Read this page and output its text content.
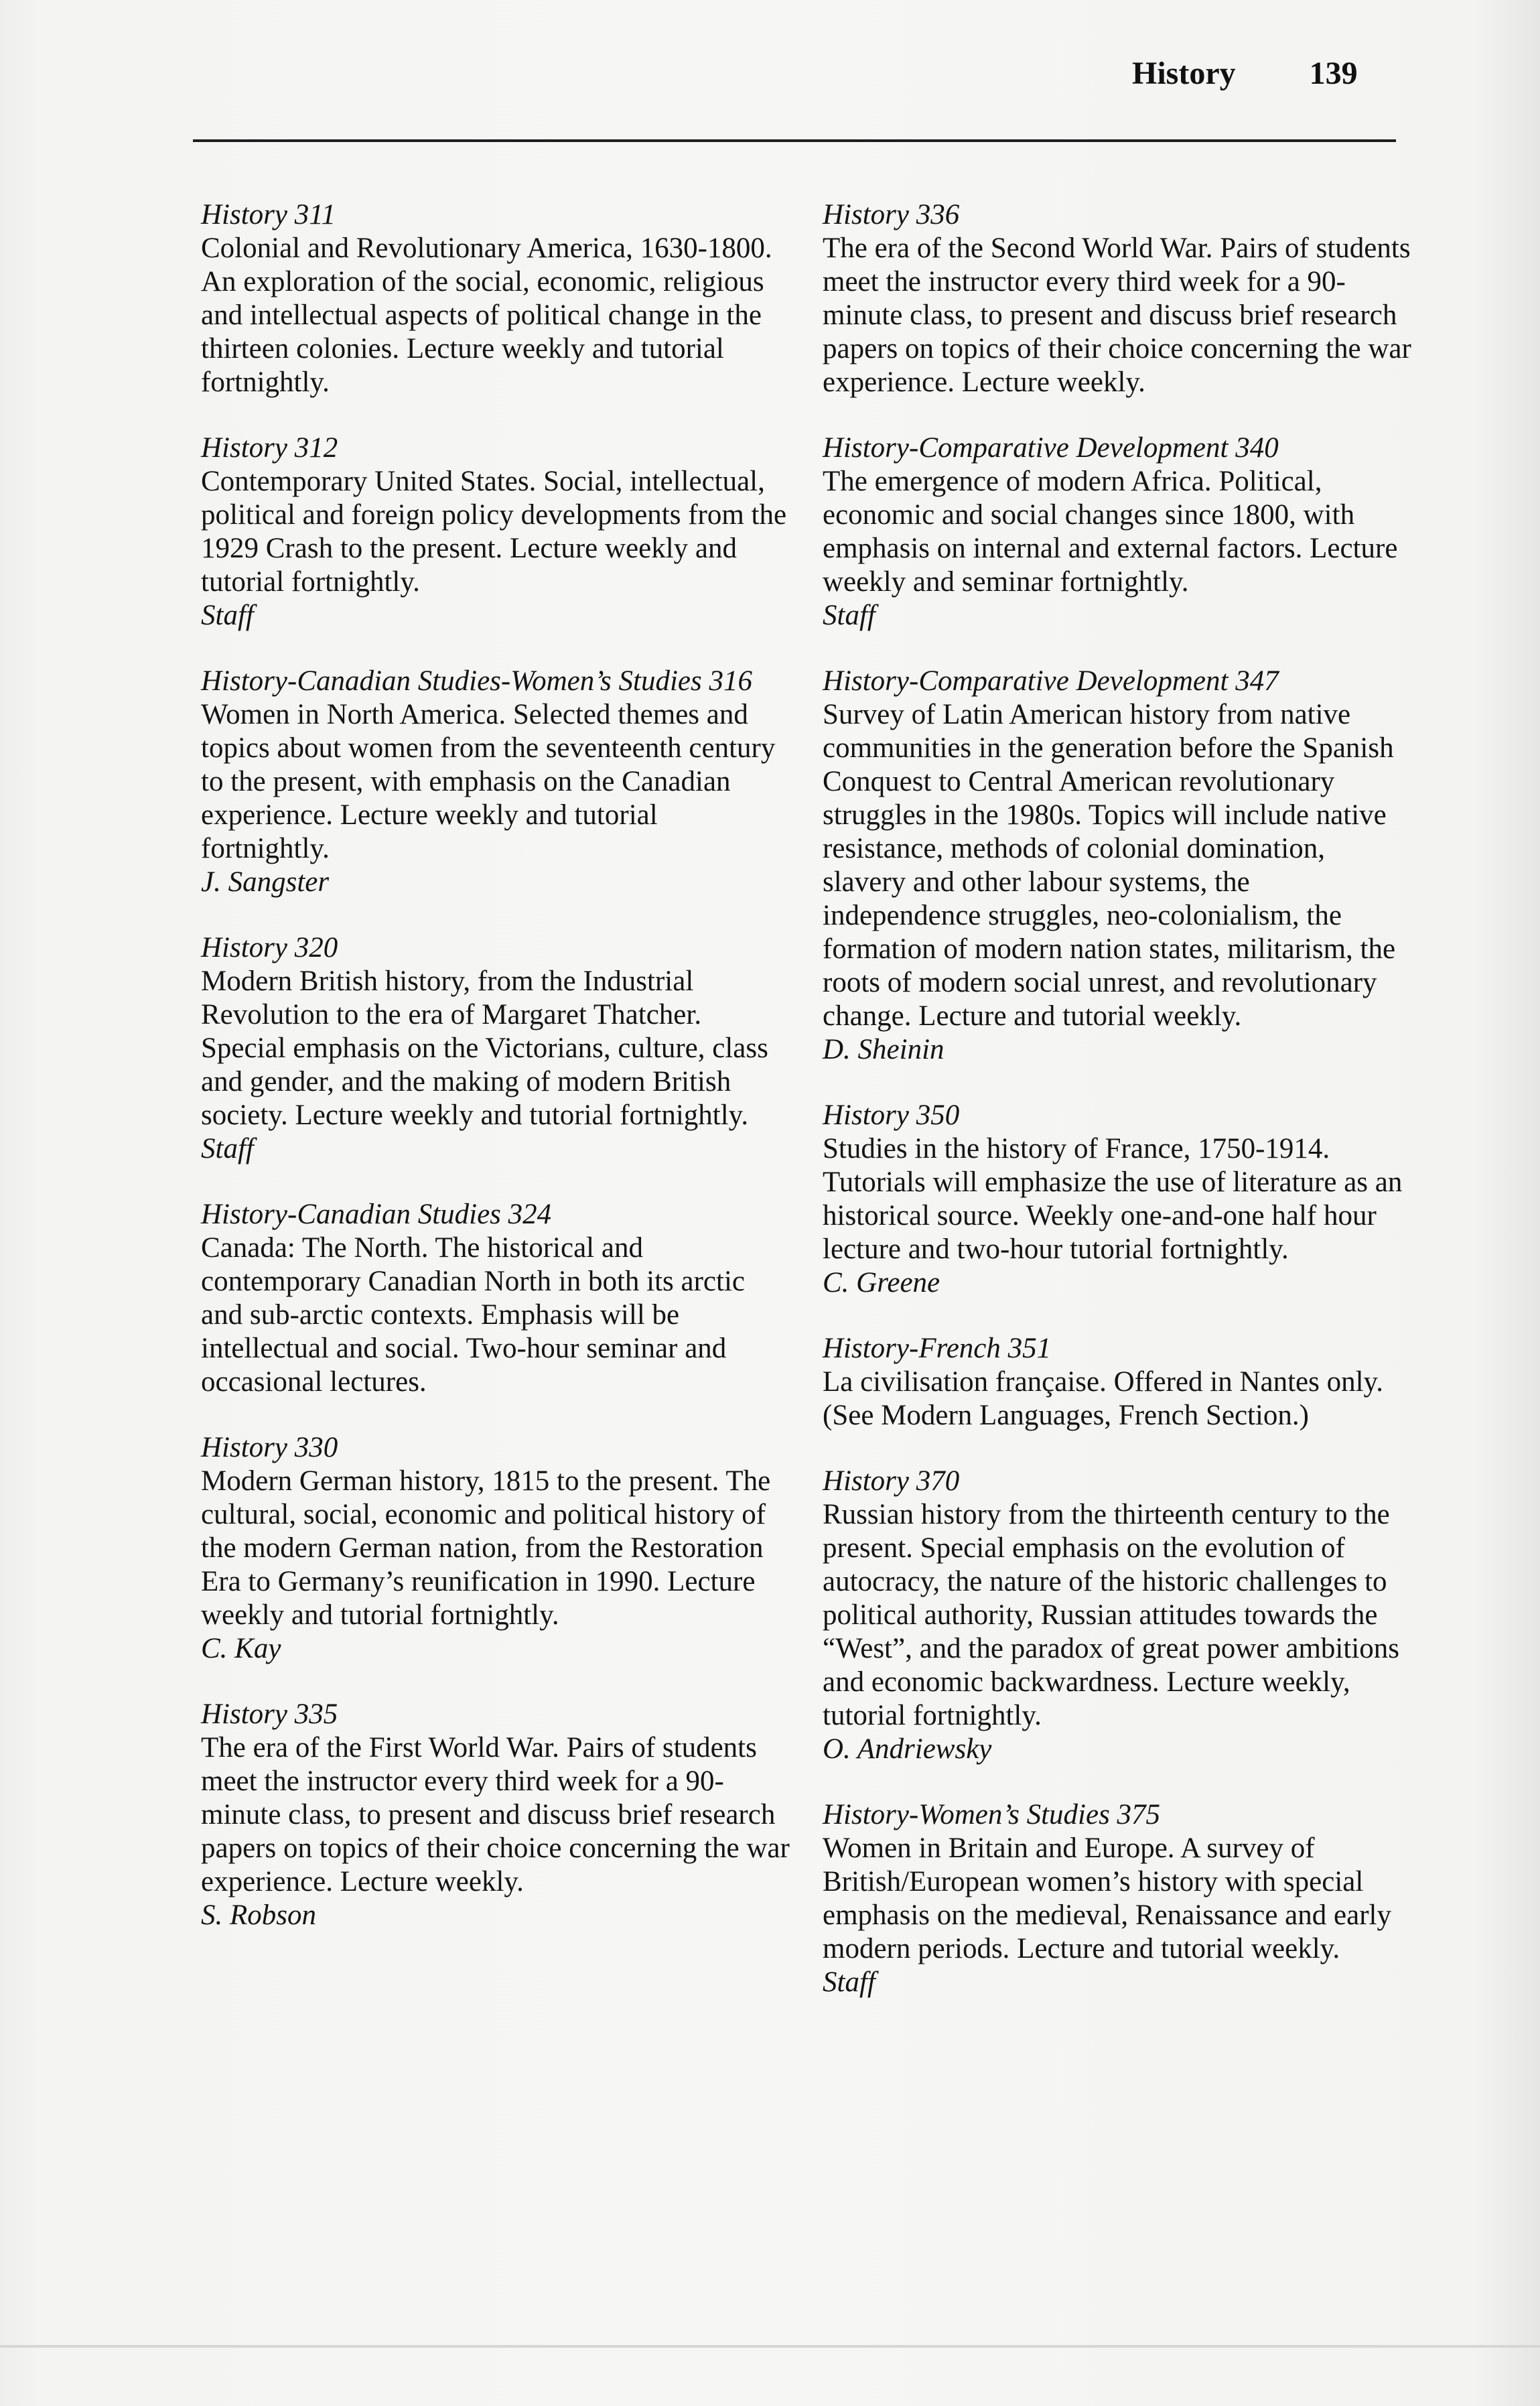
History 139
History 311
Colonial and Revolutionary America, 1630-1800. An exploration of the social, economic, religious and intellectual aspects of political change in the thirteen colonies. Lecture weekly and tutorial fortnightly.
History 312
Contemporary United States. Social, intellectual, political and foreign policy developments from the 1929 Crash to the present. Lecture weekly and tutorial fortnightly.
Staff
History-Canadian Studies-Women’s Studies 316
Women in North America. Selected themes and topics about women from the seventeenth century to the present, with emphasis on the Canadian experience. Lecture weekly and tutorial fortnightly.
J. Sangster
History 320
Modern British history, from the Industrial Revolution to the era of Margaret Thatcher. Special emphasis on the Victorians, culture, class and gender, and the making of modern British society. Lecture weekly and tutorial fortnightly.
Staff
History-Canadian Studies 324
Canada: The North. The historical and contemporary Canadian North in both its arctic and sub-arctic contexts. Emphasis will be intellectual and social. Two-hour seminar and occasional lectures.
History 330
Modern German history, 1815 to the present. The cultural, social, economic and political history of the modern German nation, from the Restoration Era to Germany’s reunification in 1990. Lecture weekly and tutorial fortnightly.
C. Kay
History 335
The era of the First World War. Pairs of students meet the instructor every third week for a 90-minute class, to present and discuss brief research papers on topics of their choice concerning the war experience. Lecture weekly.
S. Robson
History 336
The era of the Second World War. Pairs of students meet the instructor every third week for a 90-minute class, to present and discuss brief research papers on topics of their choice concerning the war experience. Lecture weekly.
History-Comparative Development 340
The emergence of modern Africa. Political, economic and social changes since 1800, with emphasis on internal and external factors. Lecture weekly and seminar fortnightly.
Staff
History-Comparative Development 347
Survey of Latin American history from native communities in the generation before the Spanish Conquest to Central American revolutionary struggles in the 1980s. Topics will include native resistance, methods of colonial domination, slavery and other labour systems, the independence struggles, neo-colonialism, the formation of modern nation states, militarism, the roots of modern social unrest, and revolutionary change. Lecture and tutorial weekly.
D. Sheinin
History 350
Studies in the history of France, 1750-1914. Tutorials will emphasize the use of literature as an historical source. Weekly one-and-one half hour lecture and two-hour tutorial fortnightly.
C. Greene
History-French 351
La civilisation française. Offered in Nantes only. (See Modern Languages, French Section.)
History 370
Russian history from the thirteenth century to the present. Special emphasis on the evolution of autocracy, the nature of the historic challenges to political authority, Russian attitudes towards the “West”, and the paradox of great power ambitions and economic backwardness. Lecture weekly, tutorial fortnightly.
O. Andriewsky
History-Women’s Studies 375
Women in Britain and Europe. A survey of British/European women’s history with special emphasis on the medieval, Renaissance and early modern periods. Lecture and tutorial weekly.
Staff
